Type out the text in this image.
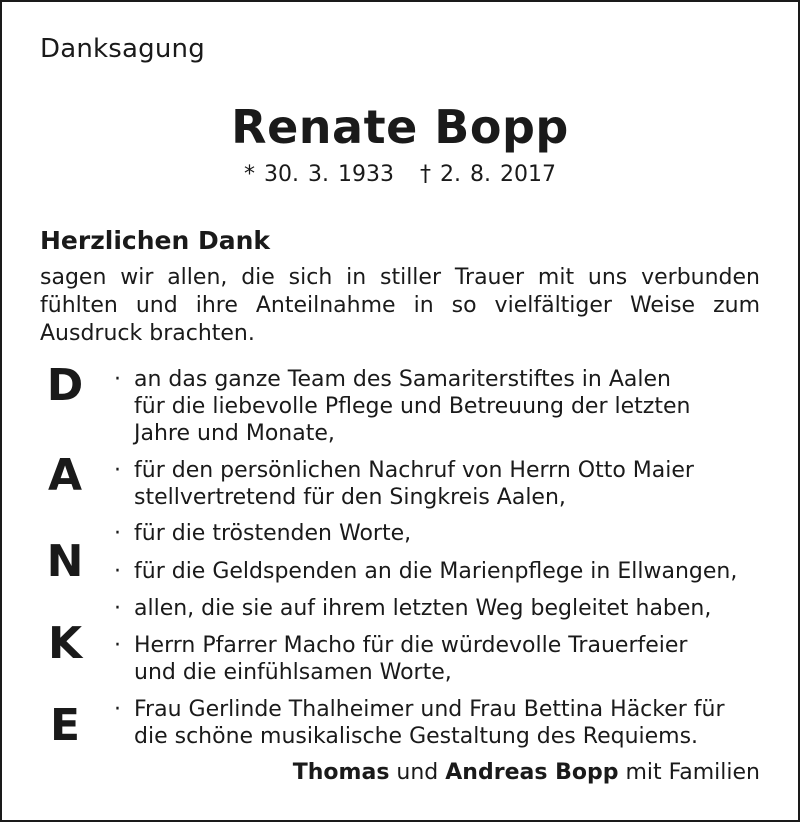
Danksagung
Renate Bopp
* 30. 3. 1933 † 2. 8. 2017
Herzlichen Dank
sagen wir allen, die sich in stiller Trauer mit uns verbunden
fühlten und ihre Anteilnahme in so vielfältiger Weise zum
Ausdruck brachten.
D
A
N
K
E
· an das ganze Team des Samariterstiftes in Aalen
für die liebevolle Pflege und Betreuung der letzten
Jahre und Monate,
· für den persönlichen Nachruf von Herrn Otto Maier
stellvertretend für den Singkreis Aalen,
· für die tröstenden Worte,
· für die Geldspenden an die Marienpflege in Ellwangen,
· allen, die sie auf ihrem letzten Weg begleitet haben,
· Herrn Pfarrer Macho für die würdevolle Trauerfeier
und die einfühlsamen Worte,
· Frau Gerlinde Thalheimer und Frau Bettina Häcker für
die schöne musikalische Gestaltung des Requiems.
Thomas und Andreas Bopp mit Familien
